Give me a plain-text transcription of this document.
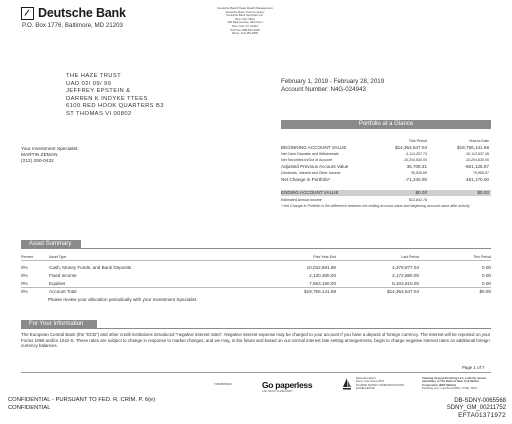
Deutsche Bank
P.O. Box 1776, Baltimore, MD 21203
Deutsche Bank Private Wealth Management
Deutsche Bank Trust Company
Deutsche Bank Securities Inc.
New York Office
345 Park Avenue, 26th Floor
New York, NY 10154
Toll Free: 888-812-1000
Direct: 212-454-2800
THE HAZE TRUST
UAD 02/ 09/ 99
JEFFREY EPSTEIN &
DARREN K INDYKE TTEES
6100 RED HOOK QUARTERS B3
ST THOMAS VI 00802
February 1, 2019 - February 28, 2019
Account Number: N4G-024943
Portfolio at a Glance
This Period	Year-to-Date
Your Investment Specialist:
MARTIN ZEMAN
(212) 250-0432
BEGINNING ACCOUNT VALUE	$14,354,547.04	$19,756,141.66
Net Cash Deposits and Withdrawals	-4,114,207.73	-10,112,637.45
Net Securities In/Out of Account	-10,204,630.00	-10,204,630.00
Adjusted Previous Account Value	35,709.31	-561,125.57
Dividends, Interest and Other Income	35,530.69	79,955.57
Net Change in Portfolio*	-71,240.00	481,170.00
ENDING ACCOUNT VALUE	$0.00	$0.00
Estimated Annual Income	$12,842.78
* Net Change in Portfolio is the difference between the ending account value and beginning account value after activity.
Asset Summary
Percent	Asset Type	Prior Year-End	Last Period	This Period
0%	Cash, Money Funds, and Bank Deposits	10,032,891.68	4,378,877.04	0.00
0%	Fixed Income	2,130,300.00	2,172,860.00	0.00
0%	Equities	7,593,150.00	8,102,810.00	0.00
0%	Account Total	$19,756,141.68	$14,354,547.04	$0.00
Please review your allocation periodically with your Investment Specialist.
For Your Information
The European Central Bank (the "ECB") and other credit institutions introduced "negative interest rates". Negative interest expense may be charged to your account if you have a deposit of foreign currency. The interest will be reported on your Forms 1099 and/or 1042-S. These rates are subject to change in response to market changes, and we may, in the future and based on our normal interest rate setting arrangements, begin to charge negative interest rates on additional foreign currency balances.
Page 1 of 7
Y0S0B05200	Go paperless
ASK ABOUT E-DELIVERY
Rated Excellent
Every Year Since 2007
DALBAR RATED COMMUNICATIONS
EXCELLENCE
Clearing through Pershing LLC, a wholly owned
subsidiary of The Bank of New York Mellon
Corporation (BNY Mellon)
Pershing LLC, member FINRA, NYSE, SIPC
CONFIDENTIAL - PURSUANT TO FED. R. CRIM. P. 6(e)
CONFIDENTIAL
DB-SDNY-0065568
SDNY_GM_00211752
EFTA01371972
